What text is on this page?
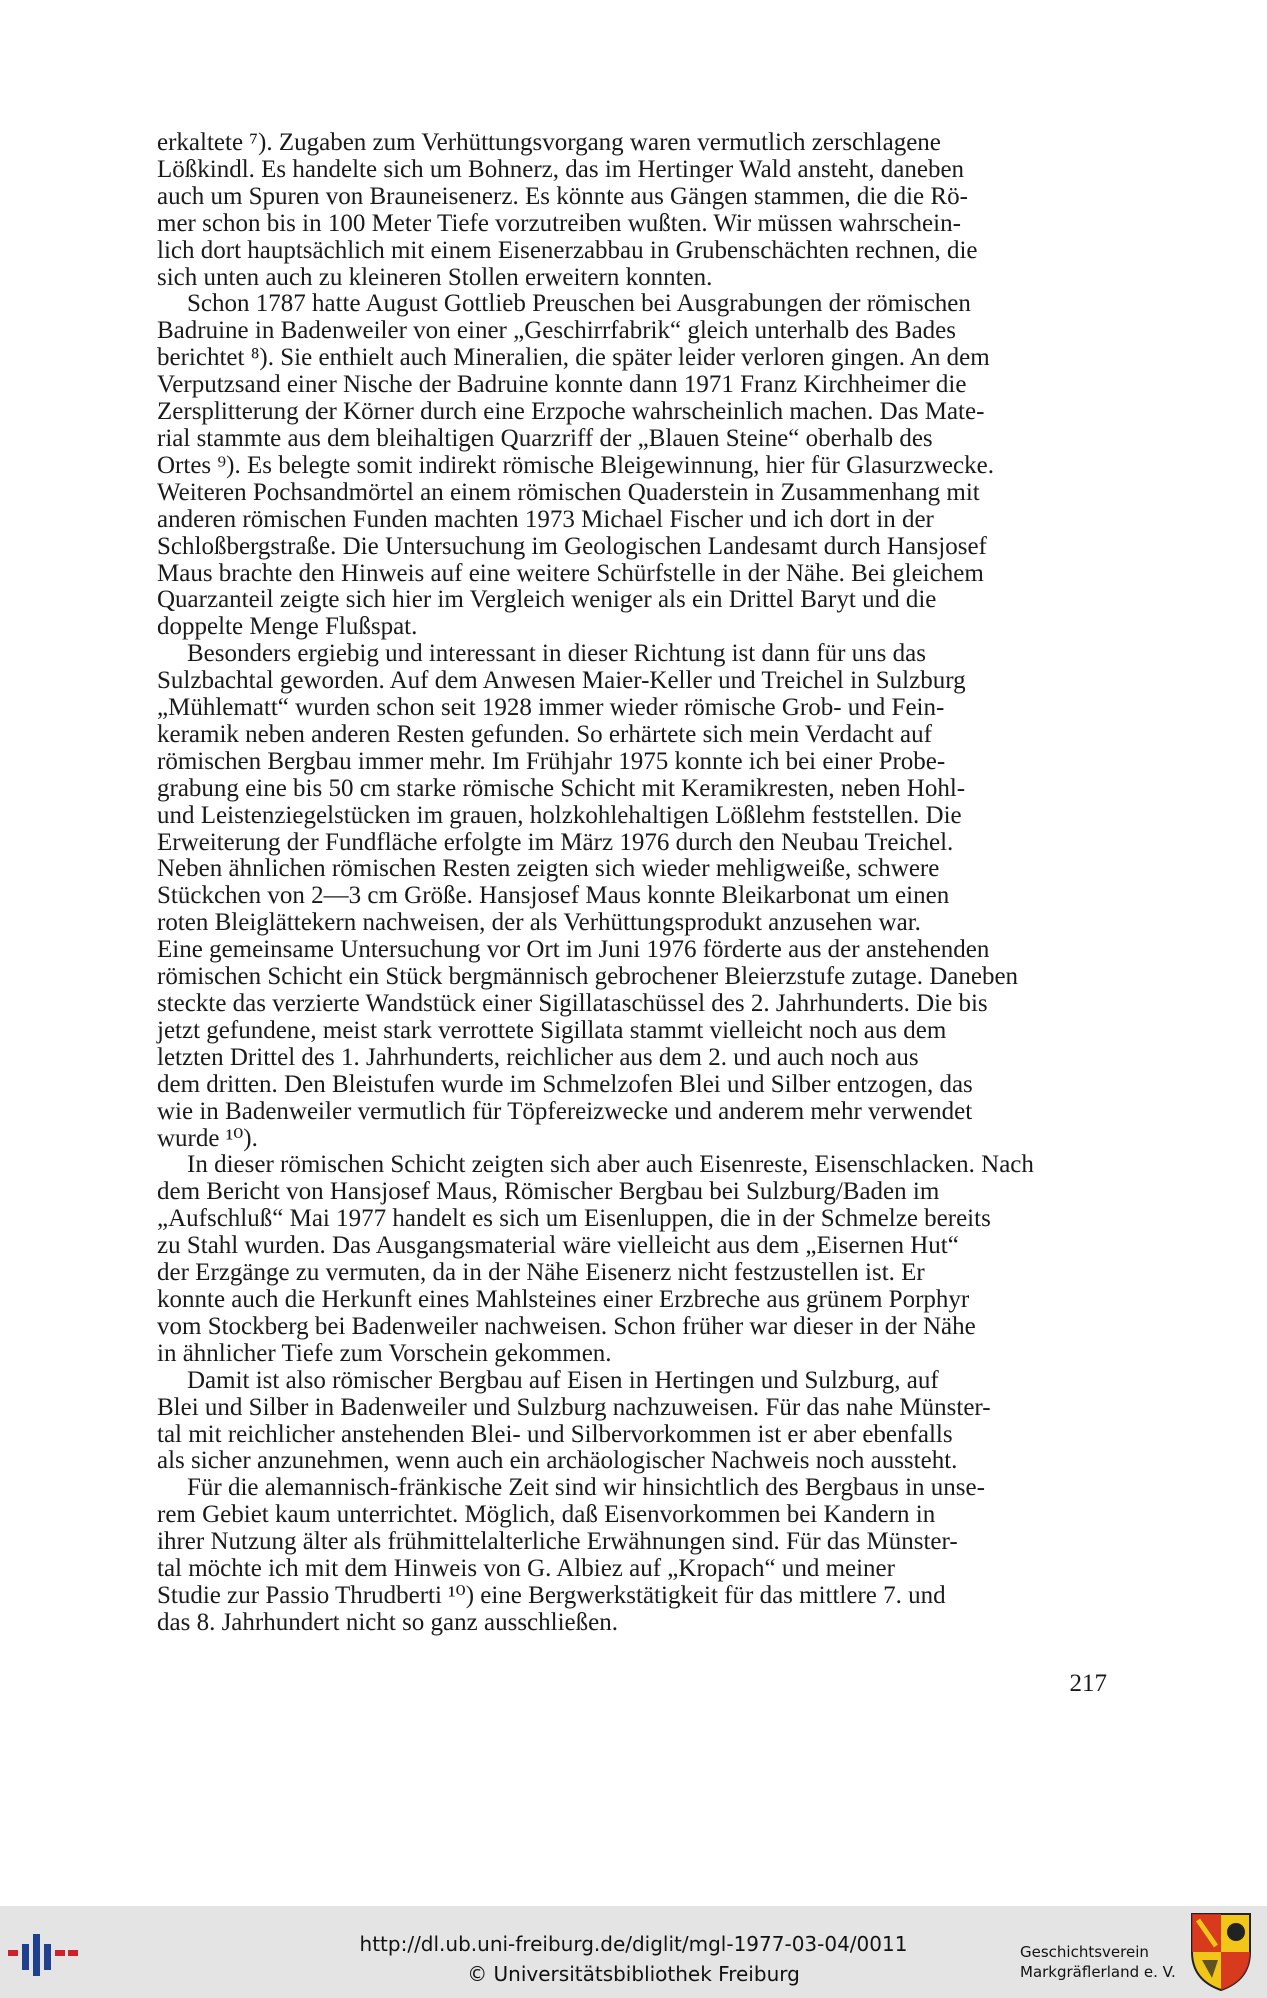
erkaltete ⁷). Zugaben zum Verhüttungsvorgang waren vermutlich zerschlagene
Lößkindl. Es handelte sich um Bohnerz, das im Hertinger Wald ansteht, daneben
auch um Spuren von Brauneisenerz. Es könnte aus Gängen stammen, die die Rö-
mer schon bis in 100 Meter Tiefe vorzutreiben wußten. Wir müssen wahrschein-
lich dort hauptsächlich mit einem Eisenerzabbau in Grubenschächten rechnen, die
sich unten auch zu kleineren Stollen erweitern konnten.

Schon 1787 hatte August Gottlieb Preuschen bei Ausgrabungen der römischen
Badruine in Badenweiler von einer „Geschirrfabrik“ gleich unterhalb des Bades
berichtet ⁸). Sie enthielt auch Mineralien, die später leider verloren gingen. An dem
Verputzsand einer Nische der Badruine konnte dann 1971 Franz Kirchheimer die
Zersplitterung der Körner durch eine Erzpoche wahrscheinlich machen. Das Mate-
rial stammte aus dem bleihaltigen Quarzriff der „Blauen Steine“ oberhalb des
Ortes ⁹). Es belegte somit indirekt römische Bleigewinnung, hier für Glasurzwecke.
Weiteren Pochsandmörtel an einem römischen Quaderstein in Zusammenhang mit
anderen römischen Funden machten 1973 Michael Fischer und ich dort in der
Schloßbergstraße. Die Untersuchung im Geologischen Landesamt durch Hansjosef
Maus brachte den Hinweis auf eine weitere Schürfstelle in der Nähe. Bei gleichem
Quarzanteil zeigte sich hier im Vergleich weniger als ein Drittel Baryt und die
doppelte Menge Flußspat.

Besonders ergiebig und interessant in dieser Richtung ist dann für uns das
Sulzbachtal geworden. Auf dem Anwesen Maier-Keller und Treichel in Sulzburg
„Mühlematt“ wurden schon seit 1928 immer wieder römische Grob- und Fein-
keramik neben anderen Resten gefunden. So erhärtete sich mein Verdacht auf
römischen Bergbau immer mehr. Im Frühjahr 1975 konnte ich bei einer Probe-
grabung eine bis 50 cm starke römische Schicht mit Keramikresten, neben Hohl-
und Leistenziegelstücken im grauen, holzkohlehaltigen Lößlehm feststellen. Die
Erweiterung der Fundfläche erfolgte im März 1976 durch den Neubau Treichel.
Neben ähnlichen römischen Resten zeigten sich wieder mehligweiße, schwere
Stückchen von 2—3 cm Größe. Hansjosef Maus konnte Bleikarbonat um einen
roten Bleiglättekern nachweisen, der als Verhüttungsprodukt anzusehen war.
Eine gemeinsame Untersuchung vor Ort im Juni 1976 förderte aus der anstehenden
römischen Schicht ein Stück bergmännisch gebrochener Bleierzstufe zutage. Daneben
steckte das verzierte Wandstück einer Sigillataschüssel des 2. Jahrhunderts. Die bis
jetzt gefundene, meist stark verrottete Sigillata stammt vielleicht noch aus dem
letzten Drittel des 1. Jahrhunderts, reichlicher aus dem 2. und auch noch aus
dem dritten. Den Bleistufen wurde im Schmelzofen Blei und Silber entzogen, das
wie in Badenweiler vermutlich für Töpfereizwecke und anderem mehr verwendet
wurde ¹⁰).

In dieser römischen Schicht zeigten sich aber auch Eisenreste, Eisenschlacken. Nach
dem Bericht von Hansjosef Maus, Römischer Bergbau bei Sulzburg/Baden im
„Aufschluß“ Mai 1977 handelt es sich um Eisenluppen, die in der Schmelze bereits
zu Stahl wurden. Das Ausgangsmaterial wäre vielleicht aus dem „Eisernen Hut“
der Erzgänge zu vermuten, da in der Nähe Eisenerz nicht festzustellen ist. Er
konnte auch die Herkunft eines Mahlsteines einer Erzbreche aus grünem Porphyr
vom Stockberg bei Badenweiler nachweisen. Schon früher war dieser in der Nähe
in ähnlicher Tiefe zum Vorschein gekommen.

Damit ist also römischer Bergbau auf Eisen in Hertingen und Sulzburg, auf
Blei und Silber in Badenweiler und Sulzburg nachzuweisen. Für das nahe Münster-
tal mit reichlicher anstehenden Blei- und Silbervorkommen ist er aber ebenfalls
als sicher anzunehmen, wenn auch ein archäologischer Nachweis noch aussteht.

Für die alemannisch-fränkische Zeit sind wir hinsichtlich des Bergbaus in unse-
rem Gebiet kaum unterrichtet. Möglich, daß Eisenvorkommen bei Kandern in
ihrer Nutzung älter als frühmittelalterliche Erwähnungen sind. Für das Münster-
tal möchte ich mit dem Hinweis von G. Albiez auf „Kropach“ und meiner
Studie zur Passio Thrudberti ¹⁰) eine Bergwerkstätigkeit für das mittlere 7. und
das 8. Jahrhundert nicht so ganz ausschließen.

217
http://dl.ub.uni-freiburg.de/diglit/mgl-1977-03-04/0011
© Universitätsbibliothek Freiburg
Geschichtsverein
Markgräflerland e. V.
